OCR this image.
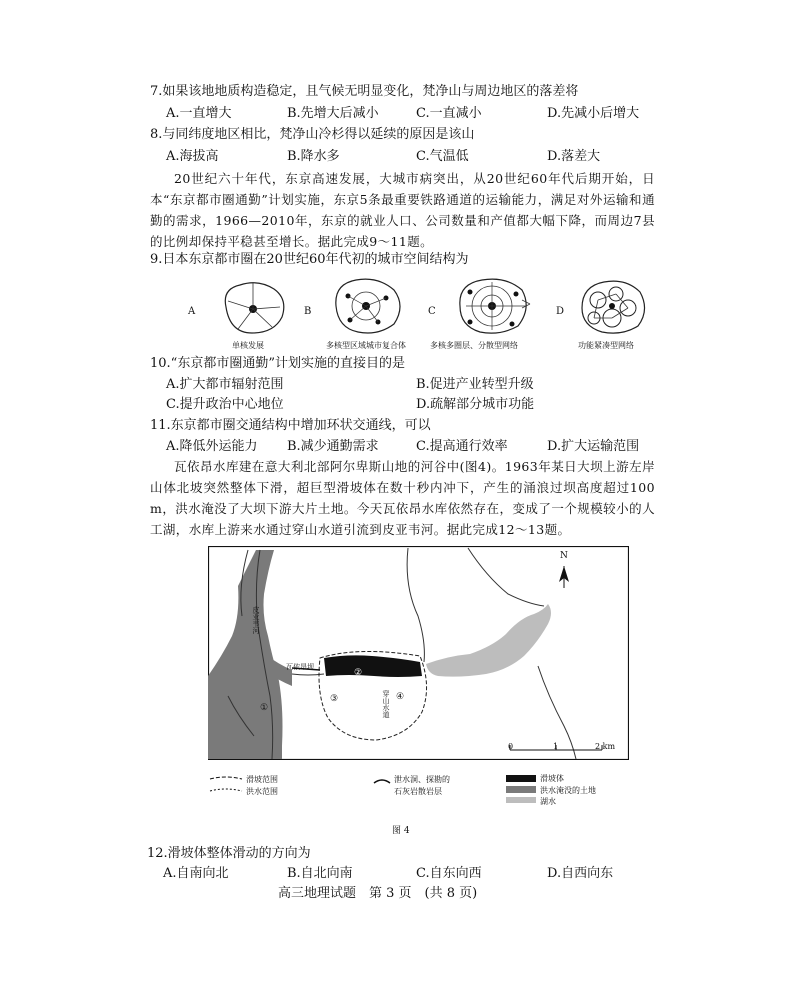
7.如果该地地质构造稳定，且气候无明显变化，梵净山与周边地区的落差将
A.一直增大	B.先增大后减小	C.一直减小	D.先减小后增大
8.与同纬度地区相比，梵净山冷杉得以延续的原因是该山
A.海拔高	B.降水多	C.气温低	D.落差大
20世纪六十年代，东京高速发展，大城市病突出，从20世纪60年代后期开始，日本“东京都市圈通勤”计划实施，东京5条最重要铁路通道的运输能力，满足对外运输和通勤的需求，1966—2010年，东京的就业人口、公司数量和产值都大幅下降，而周边7县的比例却保持平稳甚至增长。据此完成9～11题。
9.日本东京都市圈在20世纪60年代初的城市空间结构为
A
单核发展
B
多核型区域城市复合体
C
多核多圈层、分散型网络
D
功能紧凑型网络
10.“东京都市圈通勤”计划实施的直接目的是
A.扩大都市辐射范围	B.促进产业转型升级
C.提升政治中心地位	D.疏解部分城市功能
11.东京都市圈交通结构中增加环状交通线，可以
A.降低外运能力 B.减少通勤需求	C.提高通行效率	D.扩大运输范围
瓦依昂水库建在意大利北部阿尔卑斯山地的河谷中(图4)。1963年某日大坝上游左岸山体北坡突然整体下滑，超巨型滑坡体在数十秒内冲下，产生的涌浪过坝高度超过100 m，洪水淹没了大坝下游大片土地。今天瓦依昂水库依然存在，变成了一个规模较小的人工湖，水库上游来水通过穿山水道引流到皮亚韦河。据此完成12～13题。
N
0	1	2 km
瓦依昂坝
皮亚韦河
穿山水道
①
②
③	④
滑坡范围
洪水范围
泄水洞、探勘的
石灰岩散岩层
滑坡体
洪水淹没的土地
湖水
图 4
12.滑坡体整体滑动的方向为
A.自南向北	B.自北向南	C.自东向西	D.自西向东
高三地理试题　第 3 页　(共 8 页)
